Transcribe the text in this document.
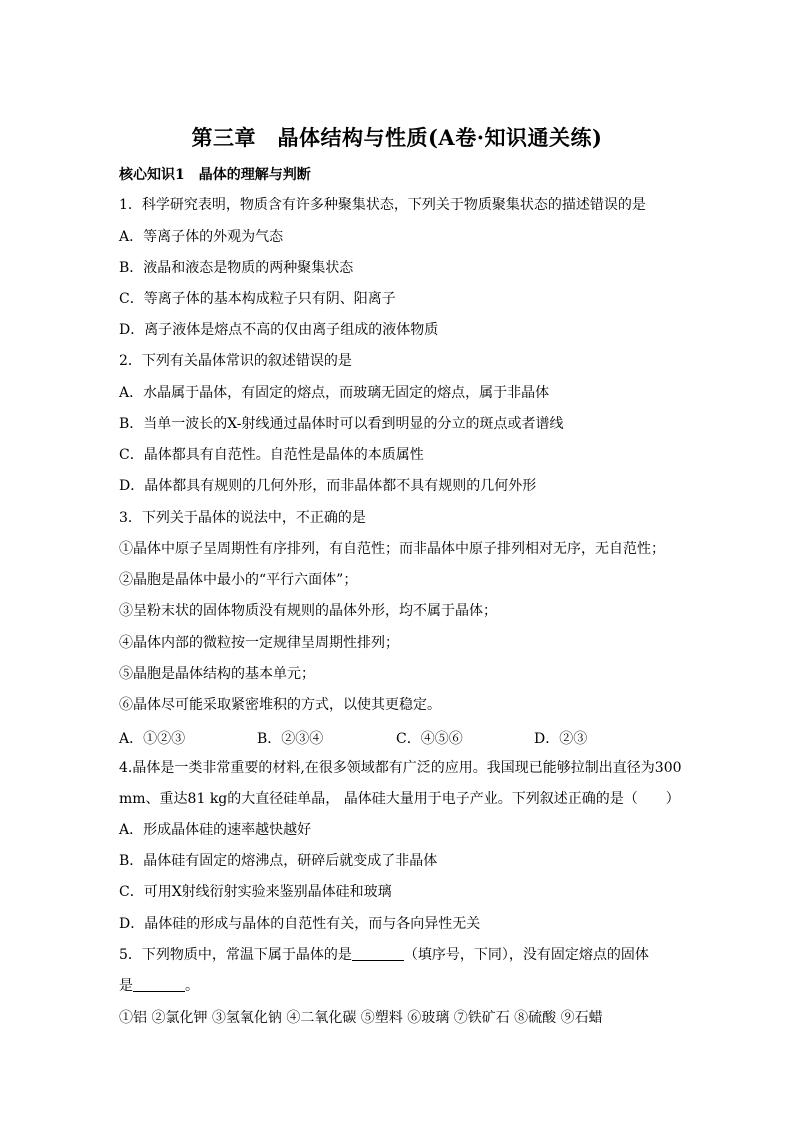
第三章　晶体结构与性质(A卷·知识通关练)
核心知识1　晶体的理解与判断
1．科学研究表明，物质含有许多种聚集状态，下列关于物质聚集状态的描述错误的是
A．等离子体的外观为气态
B．液晶和液态是物质的两种聚集状态
C．等离子体的基本构成粒子只有阴、阳离子
D．离子液体是熔点不高的仅由离子组成的液体物质
2．下列有关晶体常识的叙述错误的是
A．水晶属于晶体，有固定的熔点，而玻璃无固定的熔点，属于非晶体
B．当单一波长的X-射线通过晶体时可以看到明显的分立的斑点或者谱线
C．晶体都具有自范性。自范性是晶体的本质属性
D．晶体都具有规则的几何外形，而非晶体都不具有规则的几何外形
3．下列关于晶体的说法中，不正确的是
①晶体中原子呈周期性有序排列，有自范性；而非晶体中原子排列相对无序，无自范性；
②晶胞是晶体中最小的“平行六面体”；
③呈粉末状的固体物质没有规则的晶体外形，均不属于晶体；
④晶体内部的微粒按一定规律呈周期性排列；
⑤晶胞是晶体结构的基本单元；
⑥晶体尽可能采取紧密堆积的方式，以使其更稳定。
A．①②③	B．②③④	C．④⑤⑥	D．②③
4.晶体是一类非常重要的材料,在很多领域都有广泛的应用。我国现已能够拉制出直径为300
mm、重达81 kg的大直径硅单晶， 晶体硅大量用于电子产业。下列叙述正确的是（　　）
A．形成晶体硅的速率越快越好
B．晶体硅有固定的熔沸点，研碎后就变成了非晶体
C．可用X射线衍射实验来鉴别晶体硅和玻璃
D．晶体硅的形成与晶体的自范性有关，而与各向异性无关
5．下列物质中，常温下属于晶体的是	（填序号，下同），没有固定熔点的固体
是	。
①铝 ②氯化钾 ③氢氧化钠 ④二氧化碳 ⑤塑料 ⑥玻璃 ⑦铁矿石 ⑧硫酸 ⑨石蜡
